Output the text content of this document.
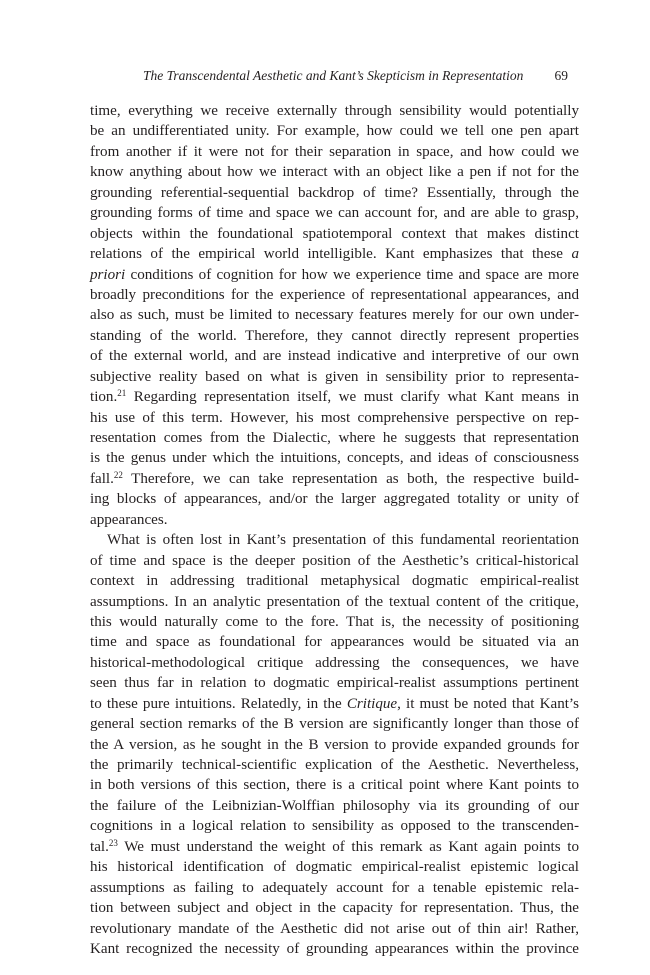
The Transcendental Aesthetic and Kant’s Skepticism in Representation 69
time, everything we receive externally through sensibility would potentially
be an undifferentiated unity. For example, how could we tell one pen apart
from another if it were not for their separation in space, and how could we
know anything about how we interact with an object like a pen if not for the
grounding referential-sequential backdrop of time? Essentially, through the
grounding forms of time and space we can account for, and are able to grasp,
objects within the foundational spatiotemporal context that makes distinct
relations of the empirical world intelligible. Kant emphasizes that these a
priori conditions of cognition for how we experience time and space are more
broadly preconditions for the experience of representational appearances, and
also as such, must be limited to necessary features merely for our own under-
standing of the world. Therefore, they cannot directly represent properties
of the external world, and are instead indicative and interpretive of our own
subjective reality based on what is given in sensibility prior to representa-
tion.$^{21}$ Regarding representation itself, we must clarify what Kant means in
his use of this term. However, his most comprehensive perspective on rep-
resentation comes from the Dialectic, where he suggests that representation
is the genus under which the intuitions, concepts, and ideas of consciousness
fall.$^{22}$ Therefore, we can take representation as both, the respective build-
ing blocks of appearances, and/or the larger aggregated totality or unity of
appearances.
What is often lost in Kant’s presentation of this fundamental reorientation
of time and space is the deeper position of the Aesthetic’s critical-historical
context in addressing traditional metaphysical dogmatic empirical-realist
assumptions. In an analytic presentation of the textual content of the critique,
this would naturally come to the fore. That is, the necessity of positioning
time and space as foundational for appearances would be situated via an
historical-methodological critique addressing the consequences, we have
seen thus far in relation to dogmatic empirical-realist assumptions pertinent
to these pure intuitions. Relatedly, in the Critique, it must be noted that Kant’s
general section remarks of the B version are significantly longer than those of
the A version, as he sought in the B version to provide expanded grounds for
the primarily technical-scientific explication of the Aesthetic. Nevertheless,
in both versions of this section, there is a critical point where Kant points to
the failure of the Leibnizian-Wolffian philosophy via its grounding of our
cognitions in a logical relation to sensibility as opposed to the transcenden-
tal.$^{23}$ We must understand the weight of this remark as Kant again points to
his historical identification of dogmatic empirical-realist epistemic logical
assumptions as failing to adequately account for a tenable epistemic rela-
tion between subject and object in the capacity for representation. Thus, the
revolutionary mandate of the Aesthetic did not arise out of thin air! Rather,
Kant recognized the necessity of grounding appearances within the province
